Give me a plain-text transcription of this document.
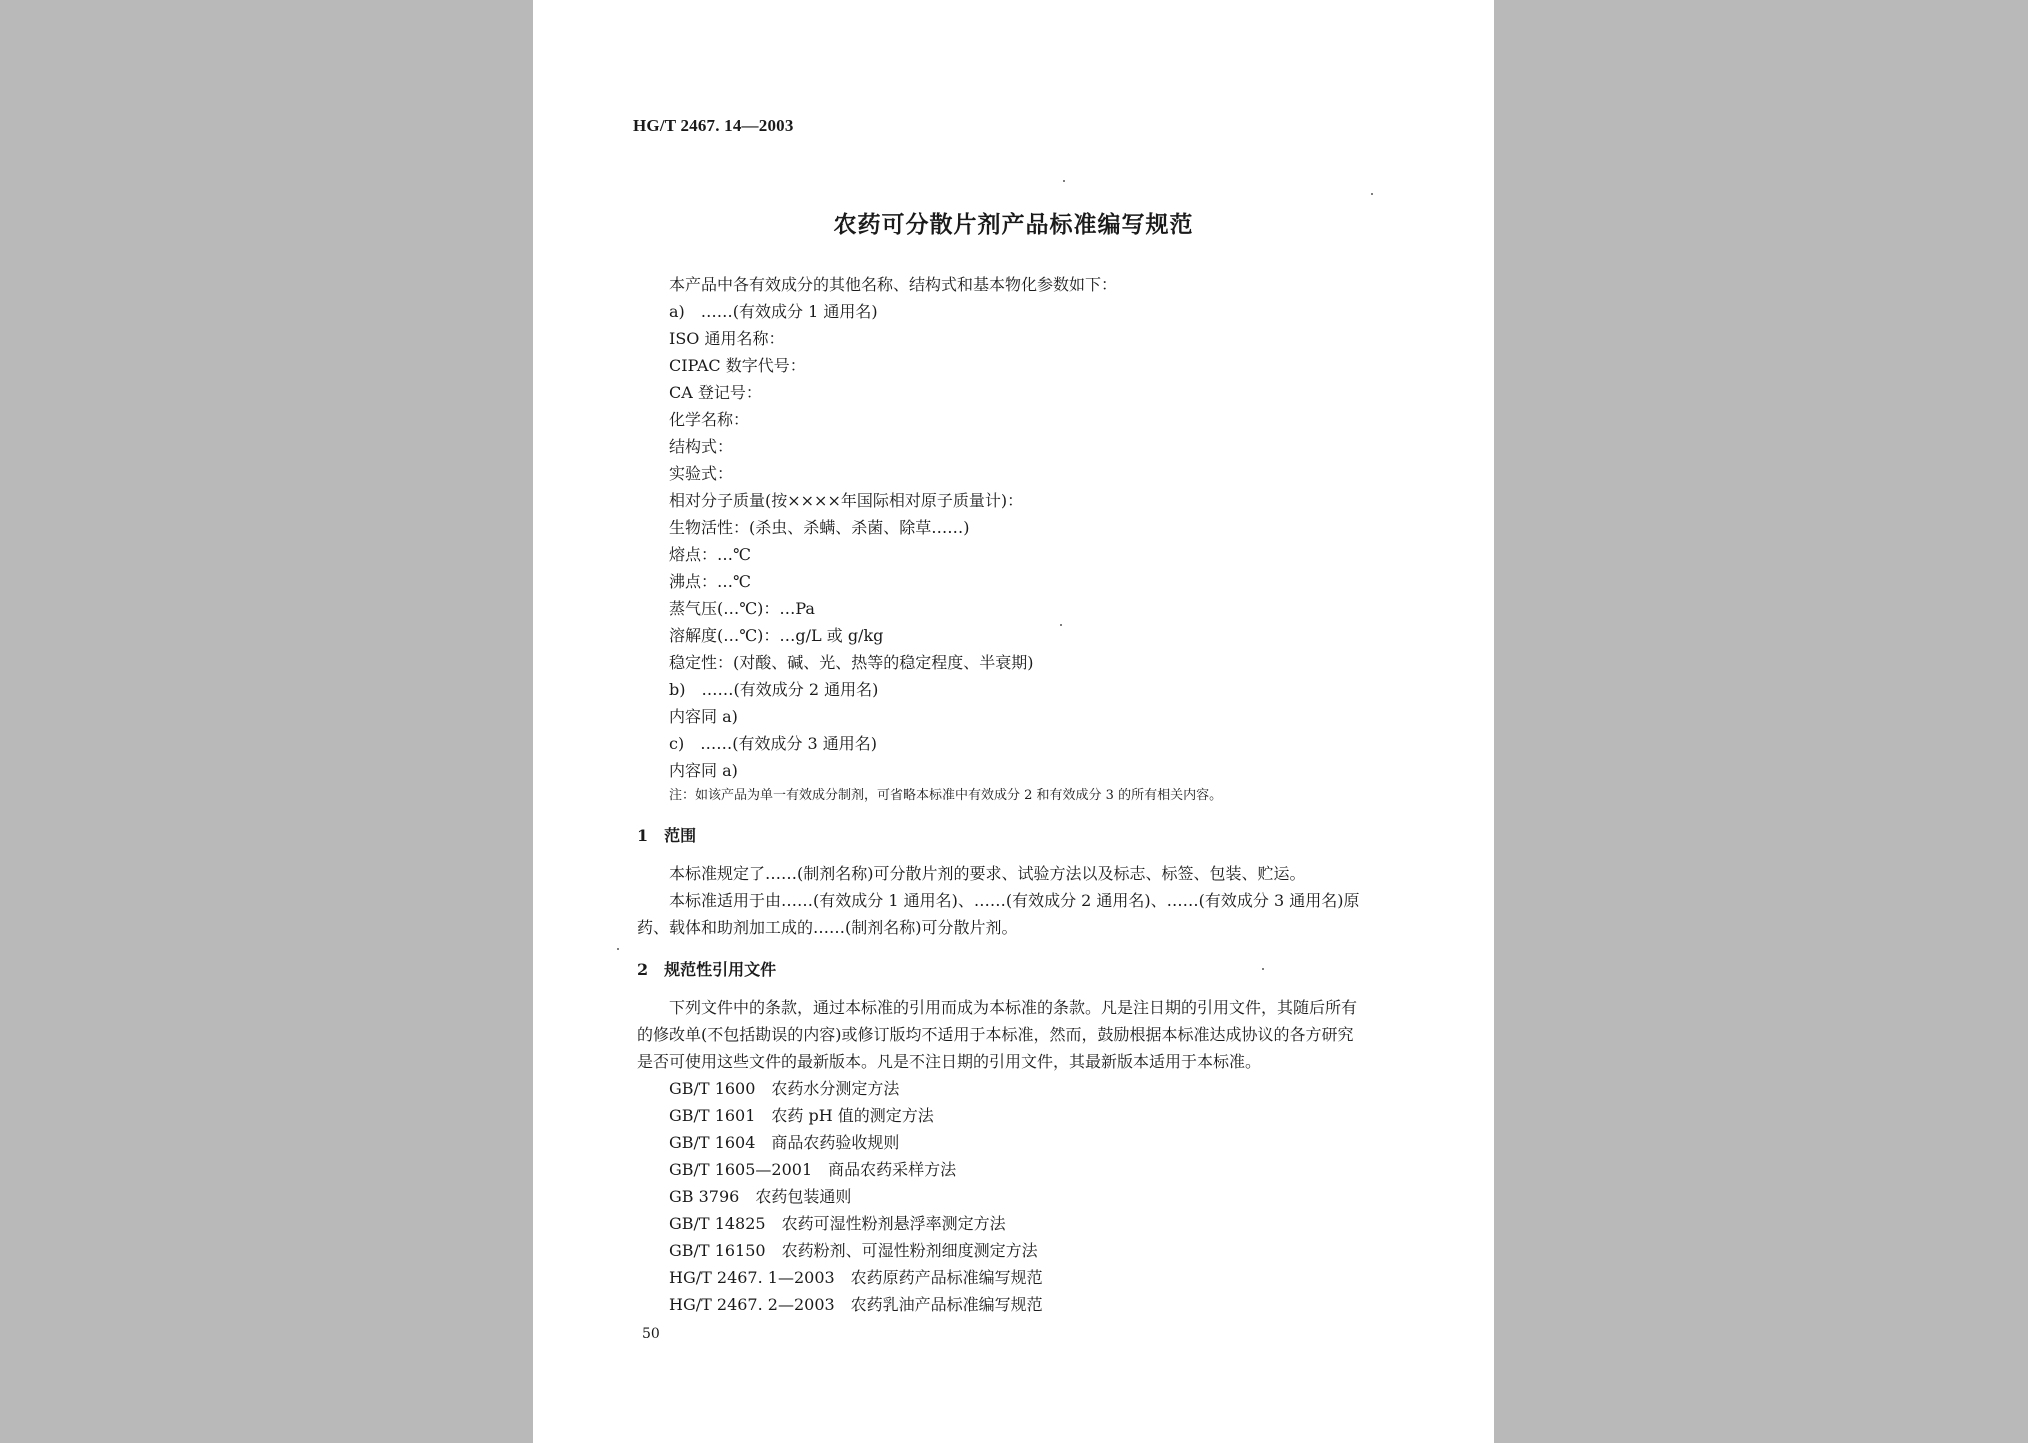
HG/T 2467. 14—2003
农药可分散片剂产品标准编写规范
本产品中各有效成分的其他名称、结构式和基本物化参数如下：
a)　……(有效成分 1 通用名)
ISO 通用名称：
CIPAC 数字代号：
CA 登记号：
化学名称：
结构式：
实验式：
相对分子质量(按××××年国际相对原子质量计)：
生物活性：(杀虫、杀螨、杀菌、除草……)
熔点：…℃
沸点：…℃
蒸气压(…℃)：…Pa
溶解度(…℃)：…g/L 或 g/kg
稳定性：(对酸、碱、光、热等的稳定程度、半衰期)
b)　……(有效成分 2 通用名)
内容同 a)
c)　……(有效成分 3 通用名)
内容同 a)
注：如该产品为单一有效成分制剂，可省略本标准中有效成分 2 和有效成分 3 的所有相关内容。
1　范围
本标准规定了……(制剂名称)可分散片剂的要求、试验方法以及标志、标签、包装、贮运。
本标准适用于由……(有效成分 1 通用名)、……(有效成分 2 通用名)、……(有效成分 3 通用名)原
药、载体和助剂加工成的……(制剂名称)可分散片剂。
2　规范性引用文件
下列文件中的条款，通过本标准的引用而成为本标准的条款。凡是注日期的引用文件，其随后所有
的修改单(不包括勘误的内容)或修订版均不适用于本标准，然而，鼓励根据本标准达成协议的各方研究
是否可使用这些文件的最新版本。凡是不注日期的引用文件，其最新版本适用于本标准。
GB/T 1600　农药水分测定方法
GB/T 1601　农药 pH 值的测定方法
GB/T 1604　商品农药验收规则
GB/T 1605—2001　商品农药采样方法
GB 3796　农药包装通则
GB/T 14825　农药可湿性粉剂悬浮率测定方法
GB/T 16150　农药粉剂、可湿性粉剂细度测定方法
HG/T 2467. 1—2003　农药原药产品标准编写规范
HG/T 2467. 2—2003　农药乳油产品标准编写规范
50
